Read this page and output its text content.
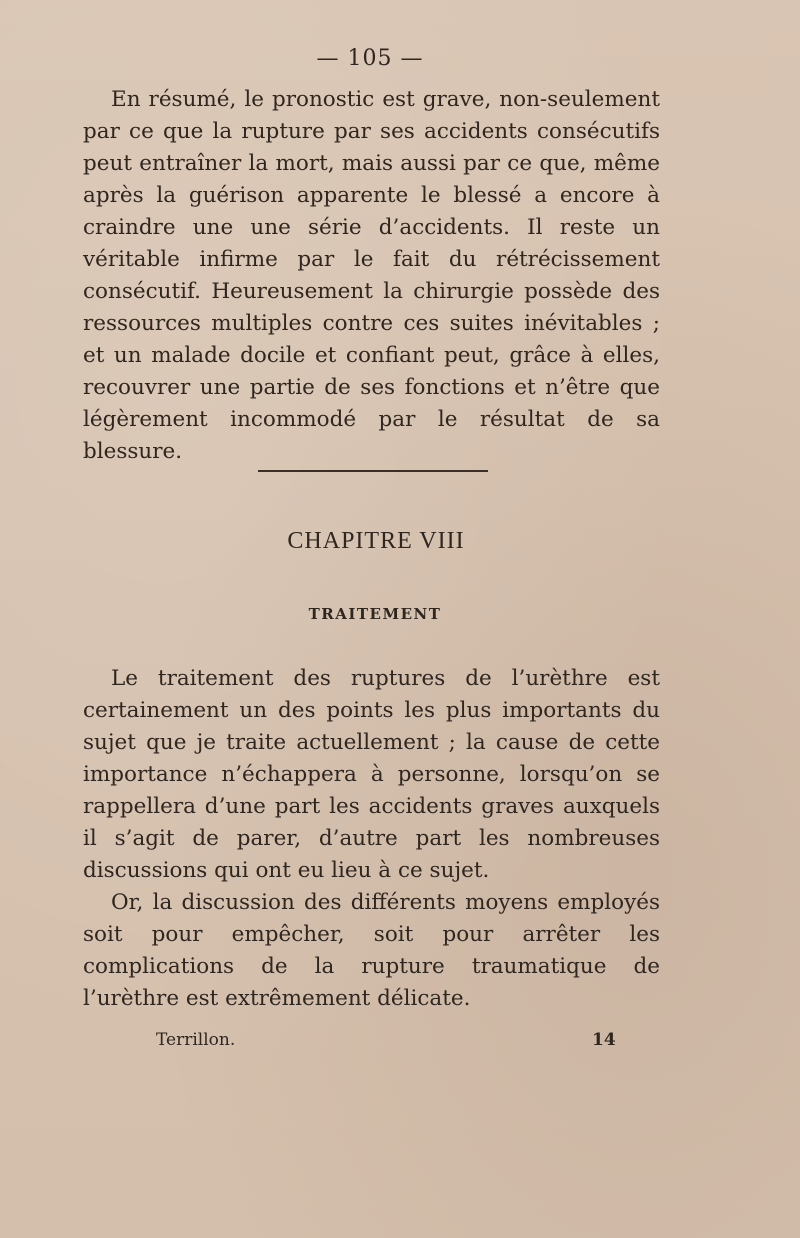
— 105 —

En résumé, le pronostic est grave, non-seulement par ce que la rupture par ses accidents consécutifs peut entraîner la mort, mais aussi par ce que, même après la guérison apparente le blessé a encore à craindre une une série d’accidents. Il reste un véritable infirme par le fait du rétrécissement consécutif. Heureusement la chirurgie possède des ressources multiples contre ces suites inévitables ; et un malade docile et confiant peut, grâce à elles, recouvrer une partie de ses fonctions et n’être que légèrement incommodé par le résultat de sa blessure.

CHAPITRE VIII
TRAITEMENT

Le traitement des ruptures de l’urèthre est certainement un des points les plus importants du sujet que je traite actuellement ; la cause de cette importance n’échappera à personne, lorsqu’on se rappellera d’une part les accidents graves auxquels il s’agit de parer, d’autre part les nombreuses discussions qui ont eu lieu à ce sujet.

Or, la discussion des différents moyens employés soit pour empêcher, soit pour arrêter les complications de la rupture traumatique de l’urèthre est extrêmement délicate.

Terrillon.	14
